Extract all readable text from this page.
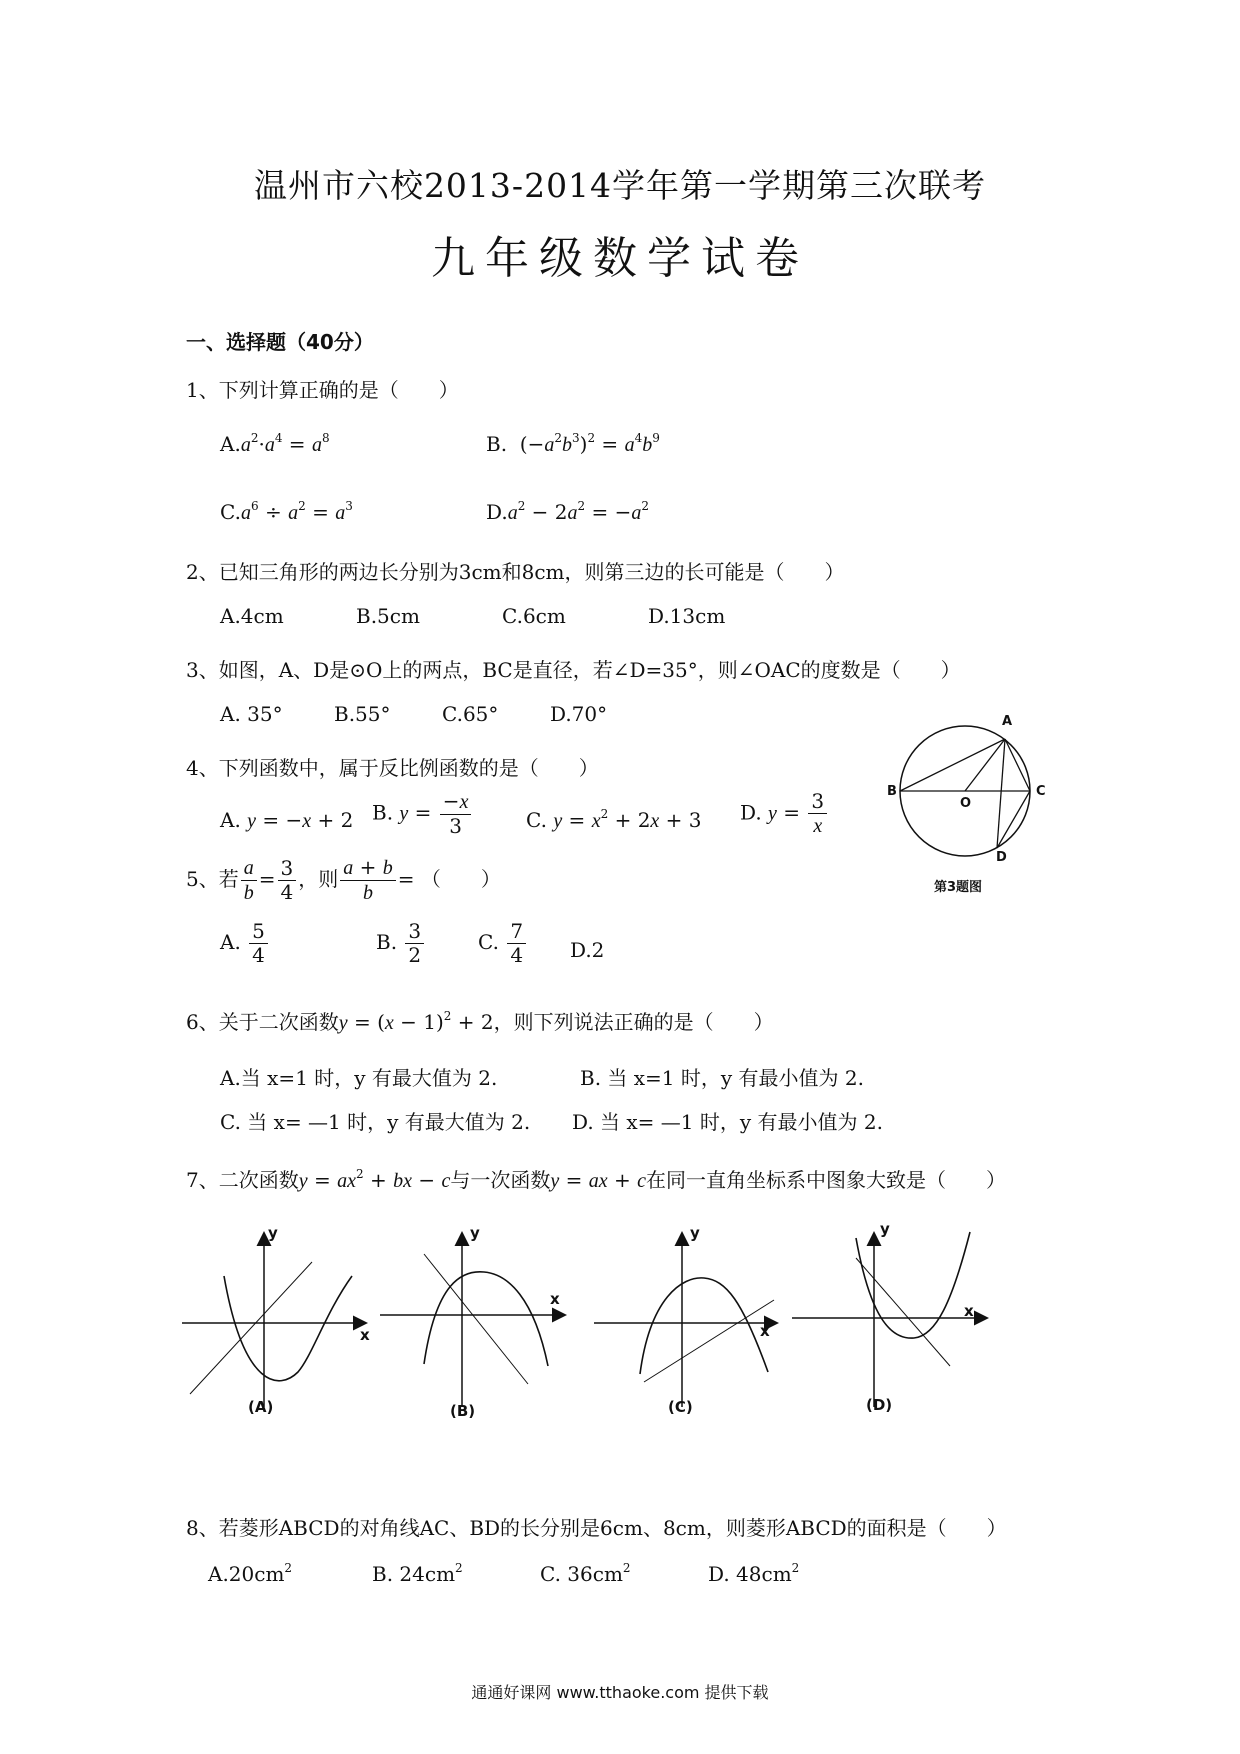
温州市六校2013-2014学年第一学期第三次联考
九年级数学试卷
一、选择题（40分）
1、下列计算正确的是（　　）
$A.a^2\cdot a^4 = a^8$	B.  $(-a^2b^3)^2 = a^4b^9$
$C.a^6 \div a^2 = a^3$	$D.a^2 - 2a^2 = -a^2$
2、已知三角形的两边长分别为3cm和8cm，则第三边的长可能是（　　）
A.4cm	B.5cm	C.6cm	D.13cm
3、如图，A、D是⊙O上的两点，BC是直径，若∠D=35°，则∠OAC的度数是（　　）
A. 35°	B.55°	C.65°	D.70°	A
B
O
C
D
第3题图
4、下列函数中，属于反比例函数的是（　　）
A. y = −x + 2 B. $y = \frac{-x}{3}$	C. $y = x^2 + 2x + 3$ D. $y = \frac{3}{x}$
5、若 $\frac{a}{b} = \frac{3}{4}$ ，则 $\frac{a + b}{b}$ = （　　）
A. $\frac{5}{4}$	B. $\frac{3}{2}$	C. $\frac{7}{4} D.2$
6、关于二次函数$y = (x - 1)^2 + 2$，则下列说法正确的是（　　）
A.当 x=1 时，y 有最大值为 2.	B. 当 x=1 时，y 有最小值为 2.
C. 当 x= —1 时，y 有最大值为 2. D. 当 x= —1 时，y 有最小值为 2.
7、二次函数$y = ax^2$ + bx − c与一次函数y = ax + c在同一直角坐标系中图象大致是（　　）
y
x
(A)
y
x
(B)
y
x
(C)
y
x
(D)
8、若菱形ABCD的对角线AC、BD的长分别是6cm、8cm，则菱形ABCD的面积是（　　）
$A.20cm^2$	B. $24cm^2$	C. $36cm^2$	D. $48cm^2$
通通好课网 www.tthaoke.com 提供下载
